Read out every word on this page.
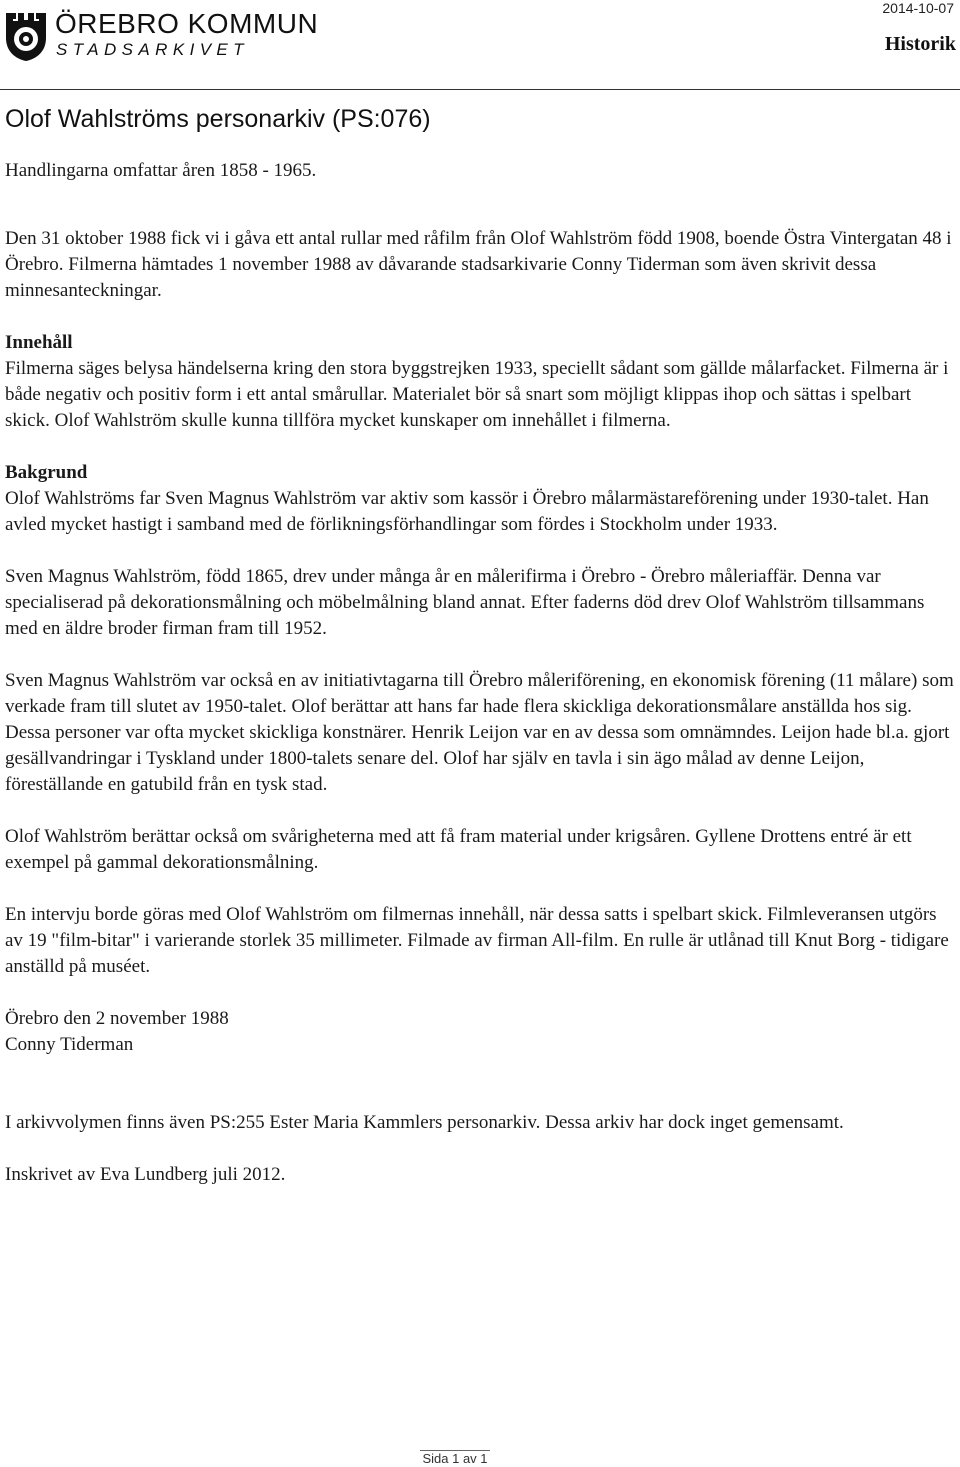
ÖREBRO KOMMUN
STADSARKIVET
2014-10-07
Historik
Olof Wahlströms personarkiv (PS:076)

Handlingarna omfattar åren 1858 - 1965.

Den 31 oktober 1988 fick vi i gåva ett antal rullar med råfilm från Olof Wahlström född 1908, boende Östra Vintergatan 48 i Örebro. Filmerna hämtades 1 november 1988 av dåvarande stadsarkivarie Conny Tiderman som även skrivit dessa minnesanteckningar.

Innehåll

Filmerna säges belysa händelserna kring den stora byggstrejken 1933, speciellt sådant som gällde målarfacket. Filmerna är i både negativ och positiv form i ett antal smårullar. Materialet bör så snart som möjligt klippas ihop och sättas i spelbart skick. Olof Wahlström skulle kunna tillföra mycket kunskaper om innehållet i filmerna.

Bakgrund

Olof Wahlströms far Sven Magnus Wahlström var aktiv som kassör i Örebro målarmästareförening under 1930-talet. Han avled mycket hastigt i samband med de förlikningsförhandlingar som fördes i Stockholm under 1933.

Sven Magnus Wahlström, född 1865, drev under många år en målerifirma i Örebro - Örebro måleriaffär. Denna var specialiserad på dekorationsmålning och möbelmålning bland annat. Efter faderns död drev Olof Wahlström tillsammans med en äldre broder firman fram till 1952.

Sven Magnus Wahlström var också en av initiativtagarna till Örebro måleriförening, en ekonomisk förening (11 målare) som verkade fram till slutet av 1950-talet. Olof berättar att hans far hade flera skickliga dekorationsmålare anställda hos sig. Dessa personer var ofta mycket skickliga konstnärer. Henrik Leijon var en av dessa som omnämndes. Leijon hade bl.a. gjort gesällvandringar i Tyskland under 1800-talets senare del. Olof har själv en tavla i sin ägo målad av denne Leijon, föreställande en gatubild från en tysk stad.

Olof Wahlström berättar också om svårigheterna med att få fram material under krigsåren. Gyllene Drottens entré är ett exempel på gammal dekorationsmålning.

En intervju borde göras med Olof Wahlström om filmernas innehåll, när dessa satts i spelbart skick. Filmleveransen utgörs av 19 "film-bitar" i varierande storlek 35 millimeter. Filmade av firman All-film. En rulle är utlånad till Knut Borg - tidigare anställd på muséet.

Örebro den 2 november 1988

Conny Tiderman

I arkivvolymen finns även PS:255 Ester Maria Kammlers personarkiv. Dessa arkiv har dock inget gemensamt.

Inskrivet av Eva Lundberg juli 2012.

Sida 1 av 1
